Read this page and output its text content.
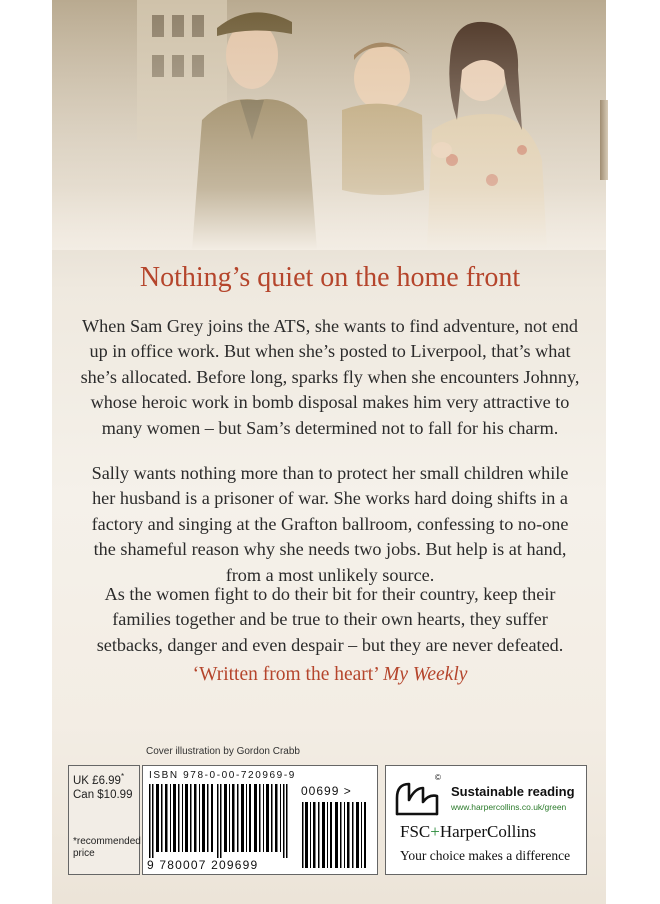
Nothing’s quiet on the home front

When Sam Grey joins the ATS, she wants to find adventure, not end up in office work. But when she’s posted to Liverpool, that’s what she’s allocated. Before long, sparks fly when she encounters Johnny, whose heroic work in bomb disposal makes him very attractive to many women – but Sam’s determined not to fall for his charm.

Sally wants nothing more than to protect her small children while her husband is a prisoner of war. She works hard doing shifts in a factory and singing at the Grafton ballroom, confessing to no-one the shameful reason why she needs two jobs. But help is at hand, from a most unlikely source.

As the women fight to do their bit for their country, keep their families together and be true to their own hearts, they suffer setbacks, danger and even despair – but they are never defeated.

‘Written from the heart’ My Weekly
Cover illustration by Gordon Crabb
UK £6.99*
Can $10.99
*recommended price
ISBN 978-0-00-720969-9
9 780007 209699
00699 >
©
Sustainable reading
www.harpercollins.co.uk/green
FSC+HarperCollins
Your choice makes a difference
